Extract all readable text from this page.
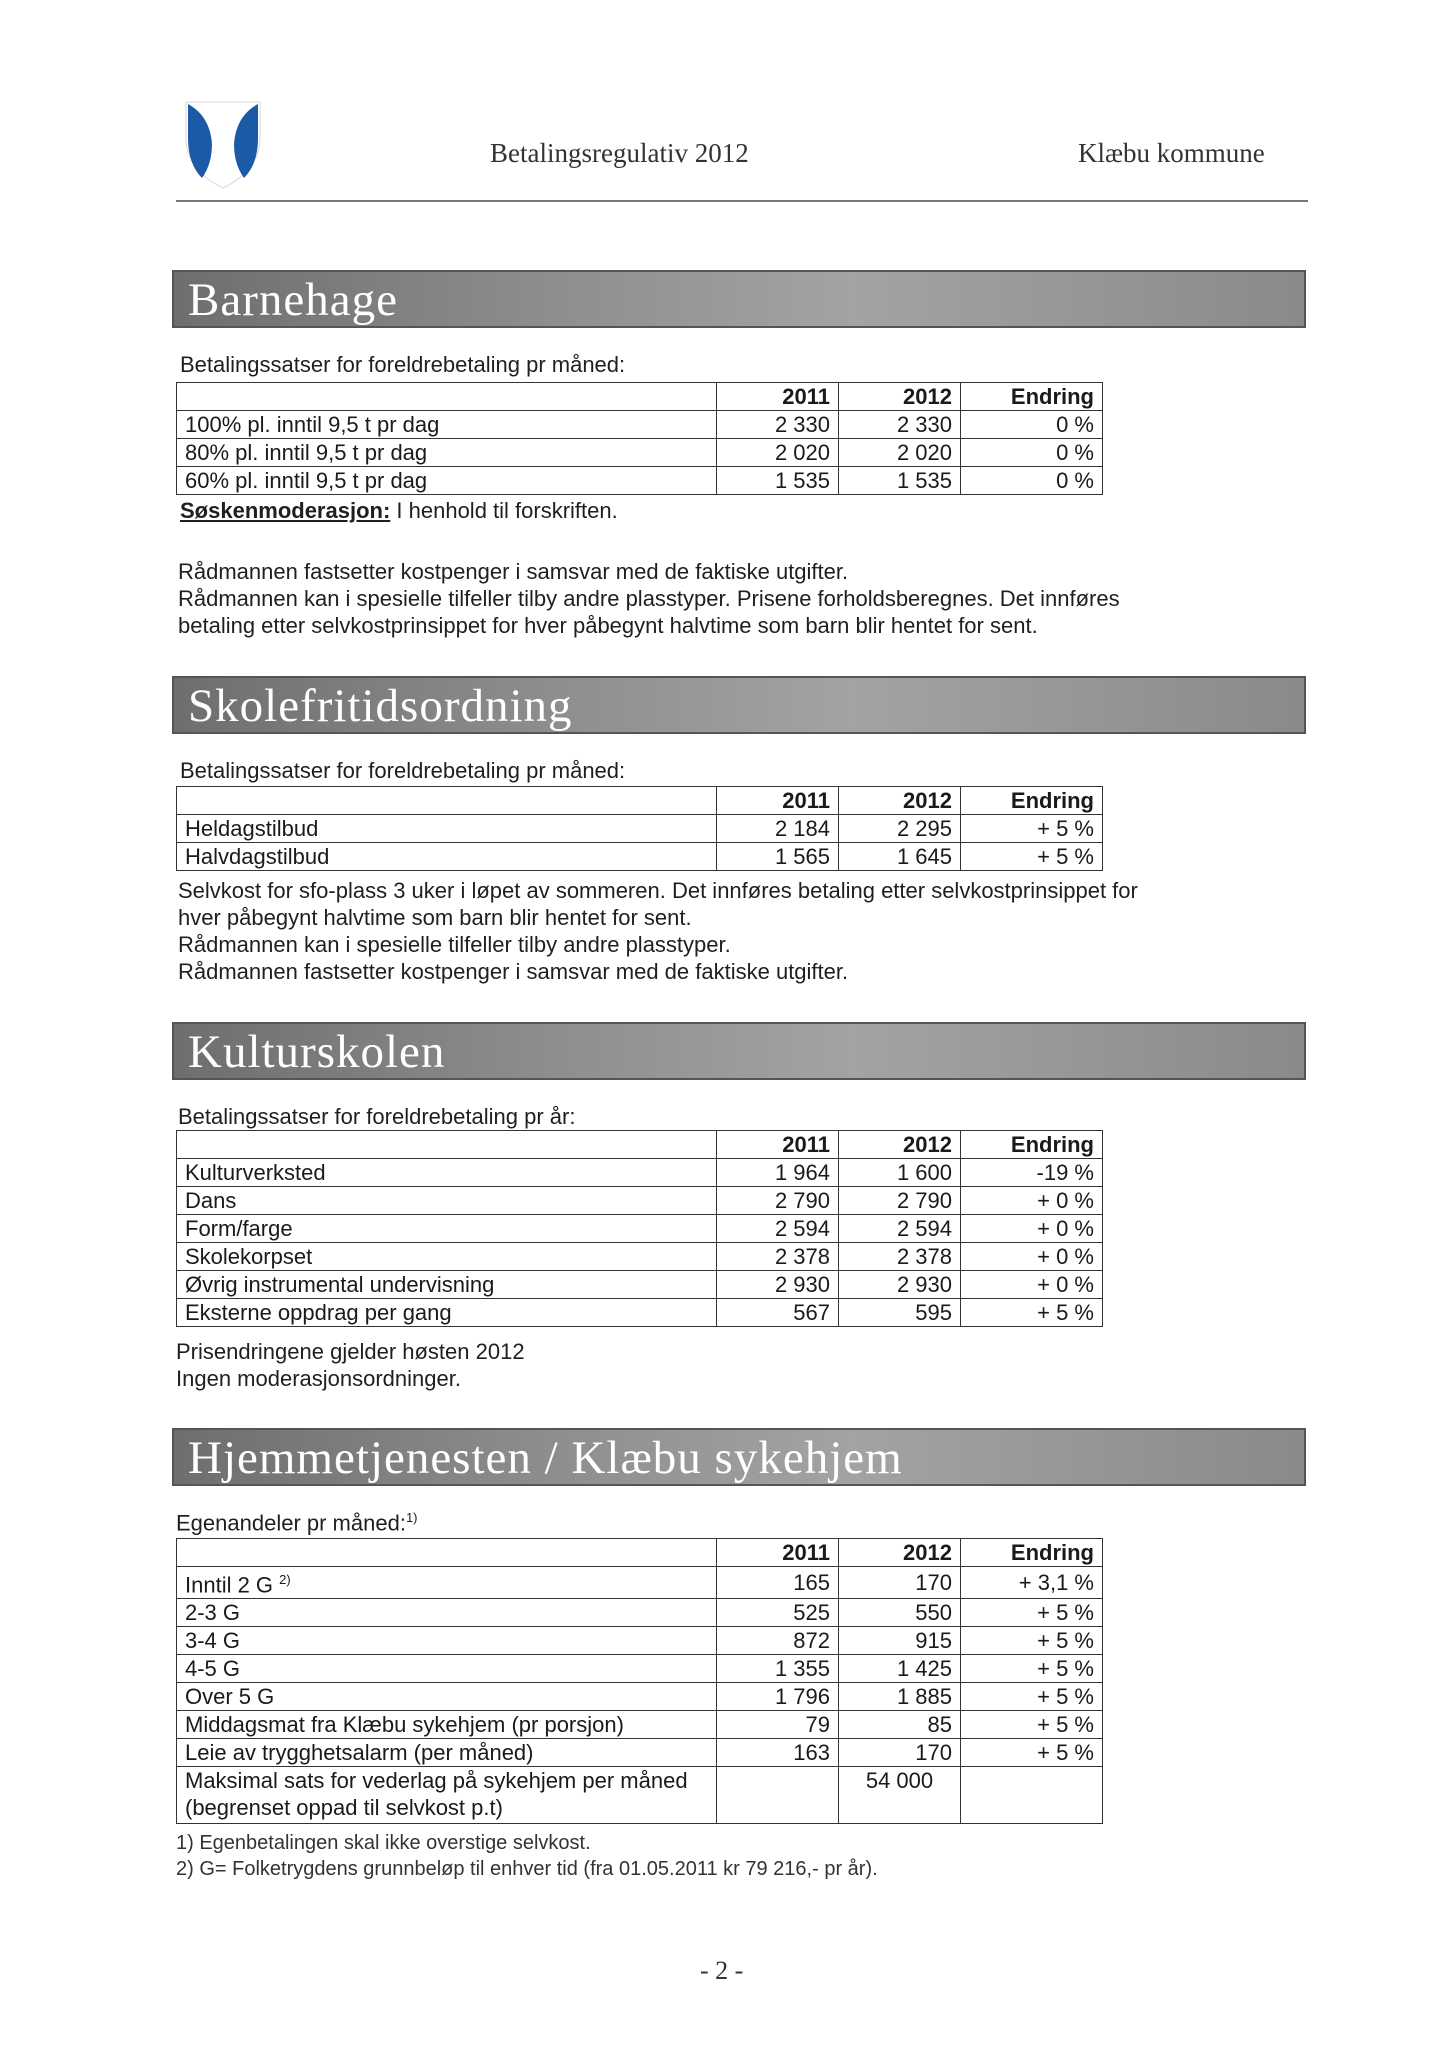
Betalingsregulativ 2012	Klæbu kommune
Barnehage
Betalingssatser for foreldrebetaling pr måned:
	2011	2012	Endring
100% pl. inntil 9,5 t pr dag	2 330	2 330	0 %
80% pl. inntil 9,5 t pr dag	2 020	2 020	0 %
60% pl. inntil 9,5 t pr dag	1 535	1 535	0 %
Søskenmoderasjon: I henhold til forskriften.
Rådmannen fastsetter kostpenger i samsvar med de faktiske utgifter.
Rådmannen kan i spesielle tilfeller tilby andre plasstyper. Prisene forholdsberegnes. Det innføres
betaling etter selvkostprinsippet for hver påbegynt halvtime som barn blir hentet for sent.
Skolefritidsordning
Betalingssatser for foreldrebetaling pr måned:
	2011	2012	Endring
Heldagstilbud	2 184	2 295	+ 5 %
Halvdagstilbud	1 565	1 645	+ 5 %
Selvkost for sfo-plass 3 uker i løpet av sommeren. Det innføres betaling etter selvkostprinsippet for
hver påbegynt halvtime som barn blir hentet for sent.
Rådmannen kan i spesielle tilfeller tilby andre plasstyper.
Rådmannen fastsetter kostpenger i samsvar med de faktiske utgifter.
Kulturskolen
Betalingssatser for foreldrebetaling pr år:
	2011	2012	Endring
Kulturverksted	1 964	1 600	-19 %
Dans	2 790	2 790	+ 0 %
Form/farge	2 594	2 594	+ 0 %
Skolekorpset	2 378	2 378	+ 0 %
Øvrig instrumental undervisning	2 930	2 930	+ 0 %
Eksterne oppdrag per gang	567	595	+ 5 %
Prisendringene gjelder høsten 2012
Ingen moderasjonsordninger.
Hjemmetjenesten / Klæbu sykehjem
Egenandeler pr måned:$^{1)}$
	2011	2012	Endring
Inntil 2 G $^{2)}$	165	170	+ 3,1 %
2-3 G	525	550	+ 5 %
3-4 G	872	915	+ 5 %
4-5 G	1 355	1 425	+ 5 %
Over 5 G	1 796	1 885	+ 5 %
Middagsmat fra Klæbu sykehjem (pr porsjon)	79	85	+ 5 %
Leie av trygghetsalarm (per måned)	163	170	+ 5 %
Maksimal sats for vederlag på sykehjem per måned (begrenset oppad til selvkost p.t)		54 000	
1) Egenbetalingen skal ikke overstige selvkost.
2) G= Folketrygdens grunnbeløp til enhver tid (fra 01.05.2011 kr 79 216,- pr år).
- 2 -
